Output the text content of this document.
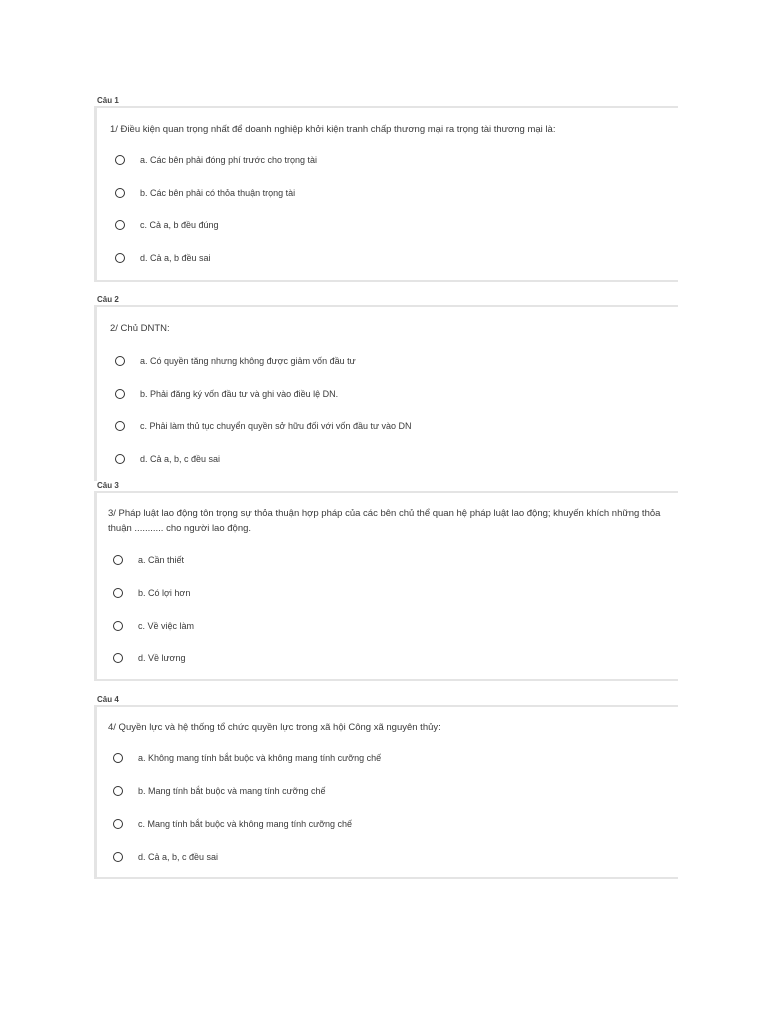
Câu 1

1/ Điều kiện quan trọng nhất để doanh nghiệp khởi kiện tranh chấp thương mại ra trọng tài thương mại là:

a. Các bên phải đóng phí trước cho trọng tài
b. Các bên phải có thỏa thuận trọng tài
c. Cả a, b đều đúng
d. Cả a, b đều sai

Câu 2

2/ Chủ DNTN:

a. Có quyền tăng nhưng không được giảm vốn đầu tư
b. Phải đăng ký vốn đầu tư và ghi vào điều lệ DN.
c. Phải làm thủ tục chuyển quyền sở hữu đối với vốn đầu tư vào DN
d. Cả a, b, c đều sai

Câu 3

3/ Pháp luật lao động tôn trọng sự thỏa thuận hợp pháp của các bên chủ thể quan hệ pháp luật lao động; khuyến khích những thỏa thuận ........... cho người lao động.

a. Cần thiết
b. Có lợi hơn
c. Về việc làm
d. Về lương

Câu 4

4/ Quyền lực và hệ thống tổ chức quyền lực trong xã hội Công xã nguyên thủy:

a. Không mang tính bắt buộc và không mang tính cưỡng chế
b. Mang tính bắt buộc và mang tính cưỡng chế
c. Mang tính bắt buộc và không mang tính cưỡng chế
d. Cả a, b, c đều sai
